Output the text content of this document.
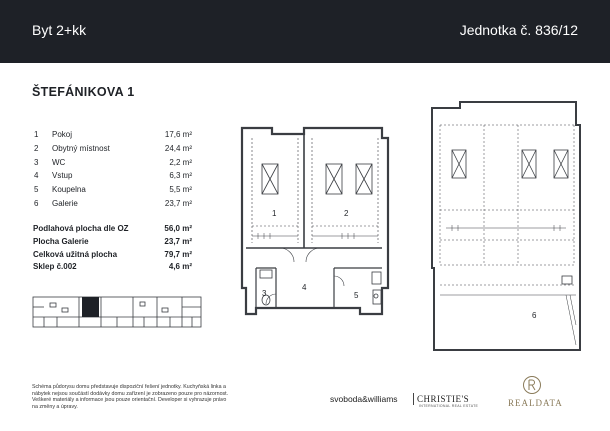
Byt 2+kk	Jednotka č. 836/12
ŠTEFÁNIKOVA 1
1 Pokoj	17,6 m²
2 Obytný místnost	24,4 m²
3 WC	2,2 m²
4 Vstup	6,3 m²
5 Koupelna	5,5 m²
6 Galerie	23,7 m²
Podlahová plocha dle OZ	56,0 m²
Plocha Galerie	23,7 m²
Celková užitná plocha	79,7 m²
Sklep č.002	4,6 m²
1	2
3
4
5
6
Schéma půdorysu domu představuje dispoziční řešení jednotky. Kuchyňská linka a nábytek nejsou součástí dodávky domu zařízení je zobrazeno pouze pro názornost. Veškeré materiály a informace jsou pouze orientační. Developer si vyhrazuje právo na změny a úpravy.
svoboda&williams CHRISTIE'S
INTERNATIONAL REAL ESTATE	REALDATA
